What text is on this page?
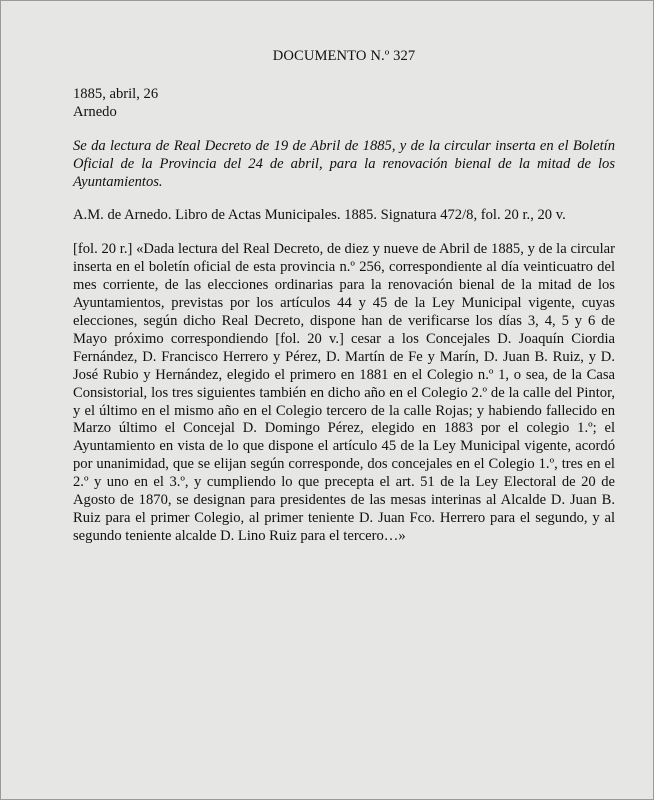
DOCUMENTO N.º 327

1885, abril, 26

Arnedo

Se da lectura de Real Decreto de 19 de Abril de 1885, y de la circular inserta en el Boletín Oficial de la Provincia del 24 de abril, para la renovación bienal de la mitad de los Ayuntamientos.

A.M. de Arnedo. Libro de Actas Municipales. 1885. Signatura 472/8, fol. 20 r., 20 v.

[fol. 20 r.] «Dada lectura del Real Decreto, de diez y nueve de Abril de 1885, y de la circular inserta en el boletín oficial de esta provincia n.º 256, correspondiente al día veinticuatro del mes corriente, de las elecciones ordinarias para la renovación bienal de la mitad de los Ayuntamientos, previstas por los artículos 44 y 45 de la Ley Municipal vigente, cuyas elecciones, según dicho Real Decreto, dispone han de verificarse los días 3, 4, 5 y 6 de Mayo próximo correspondiendo [fol. 20 v.] cesar a los Concejales D. Joaquín Ciordia Fernández, D. Francisco Herrero y Pérez, D. Martín de Fe y Marín, D. Juan B. Ruiz, y D. José Rubio y Hernández, elegido el primero en 1881 en el Colegio n.º 1, o sea, de la Casa Consistorial, los tres siguientes también en dicho año en el Colegio 2.º de la calle del Pintor, y el último en el mismo año en el Colegio tercero de la calle Rojas; y habiendo fallecido en Marzo último el Concejal D. Domingo Pérez, elegido en 1883 por el colegio 1.º; el Ayuntamiento en vista de lo que dispone el artículo 45 de la Ley Municipal vigente, acordó por unanimidad, que se elijan según corresponde, dos concejales en el Colegio 1.º, tres en el 2.º y uno en el 3.º, y cumpliendo lo que precepta el art. 51 de la Ley Electoral de 20 de Agosto de 1870, se designan para presidentes de las mesas interinas al Alcalde D. Juan B. Ruiz para el primer Colegio, al primer teniente D. Juan Fco. Herrero para el segundo, y al segundo teniente alcalde D. Lino Ruiz para el tercero…»
